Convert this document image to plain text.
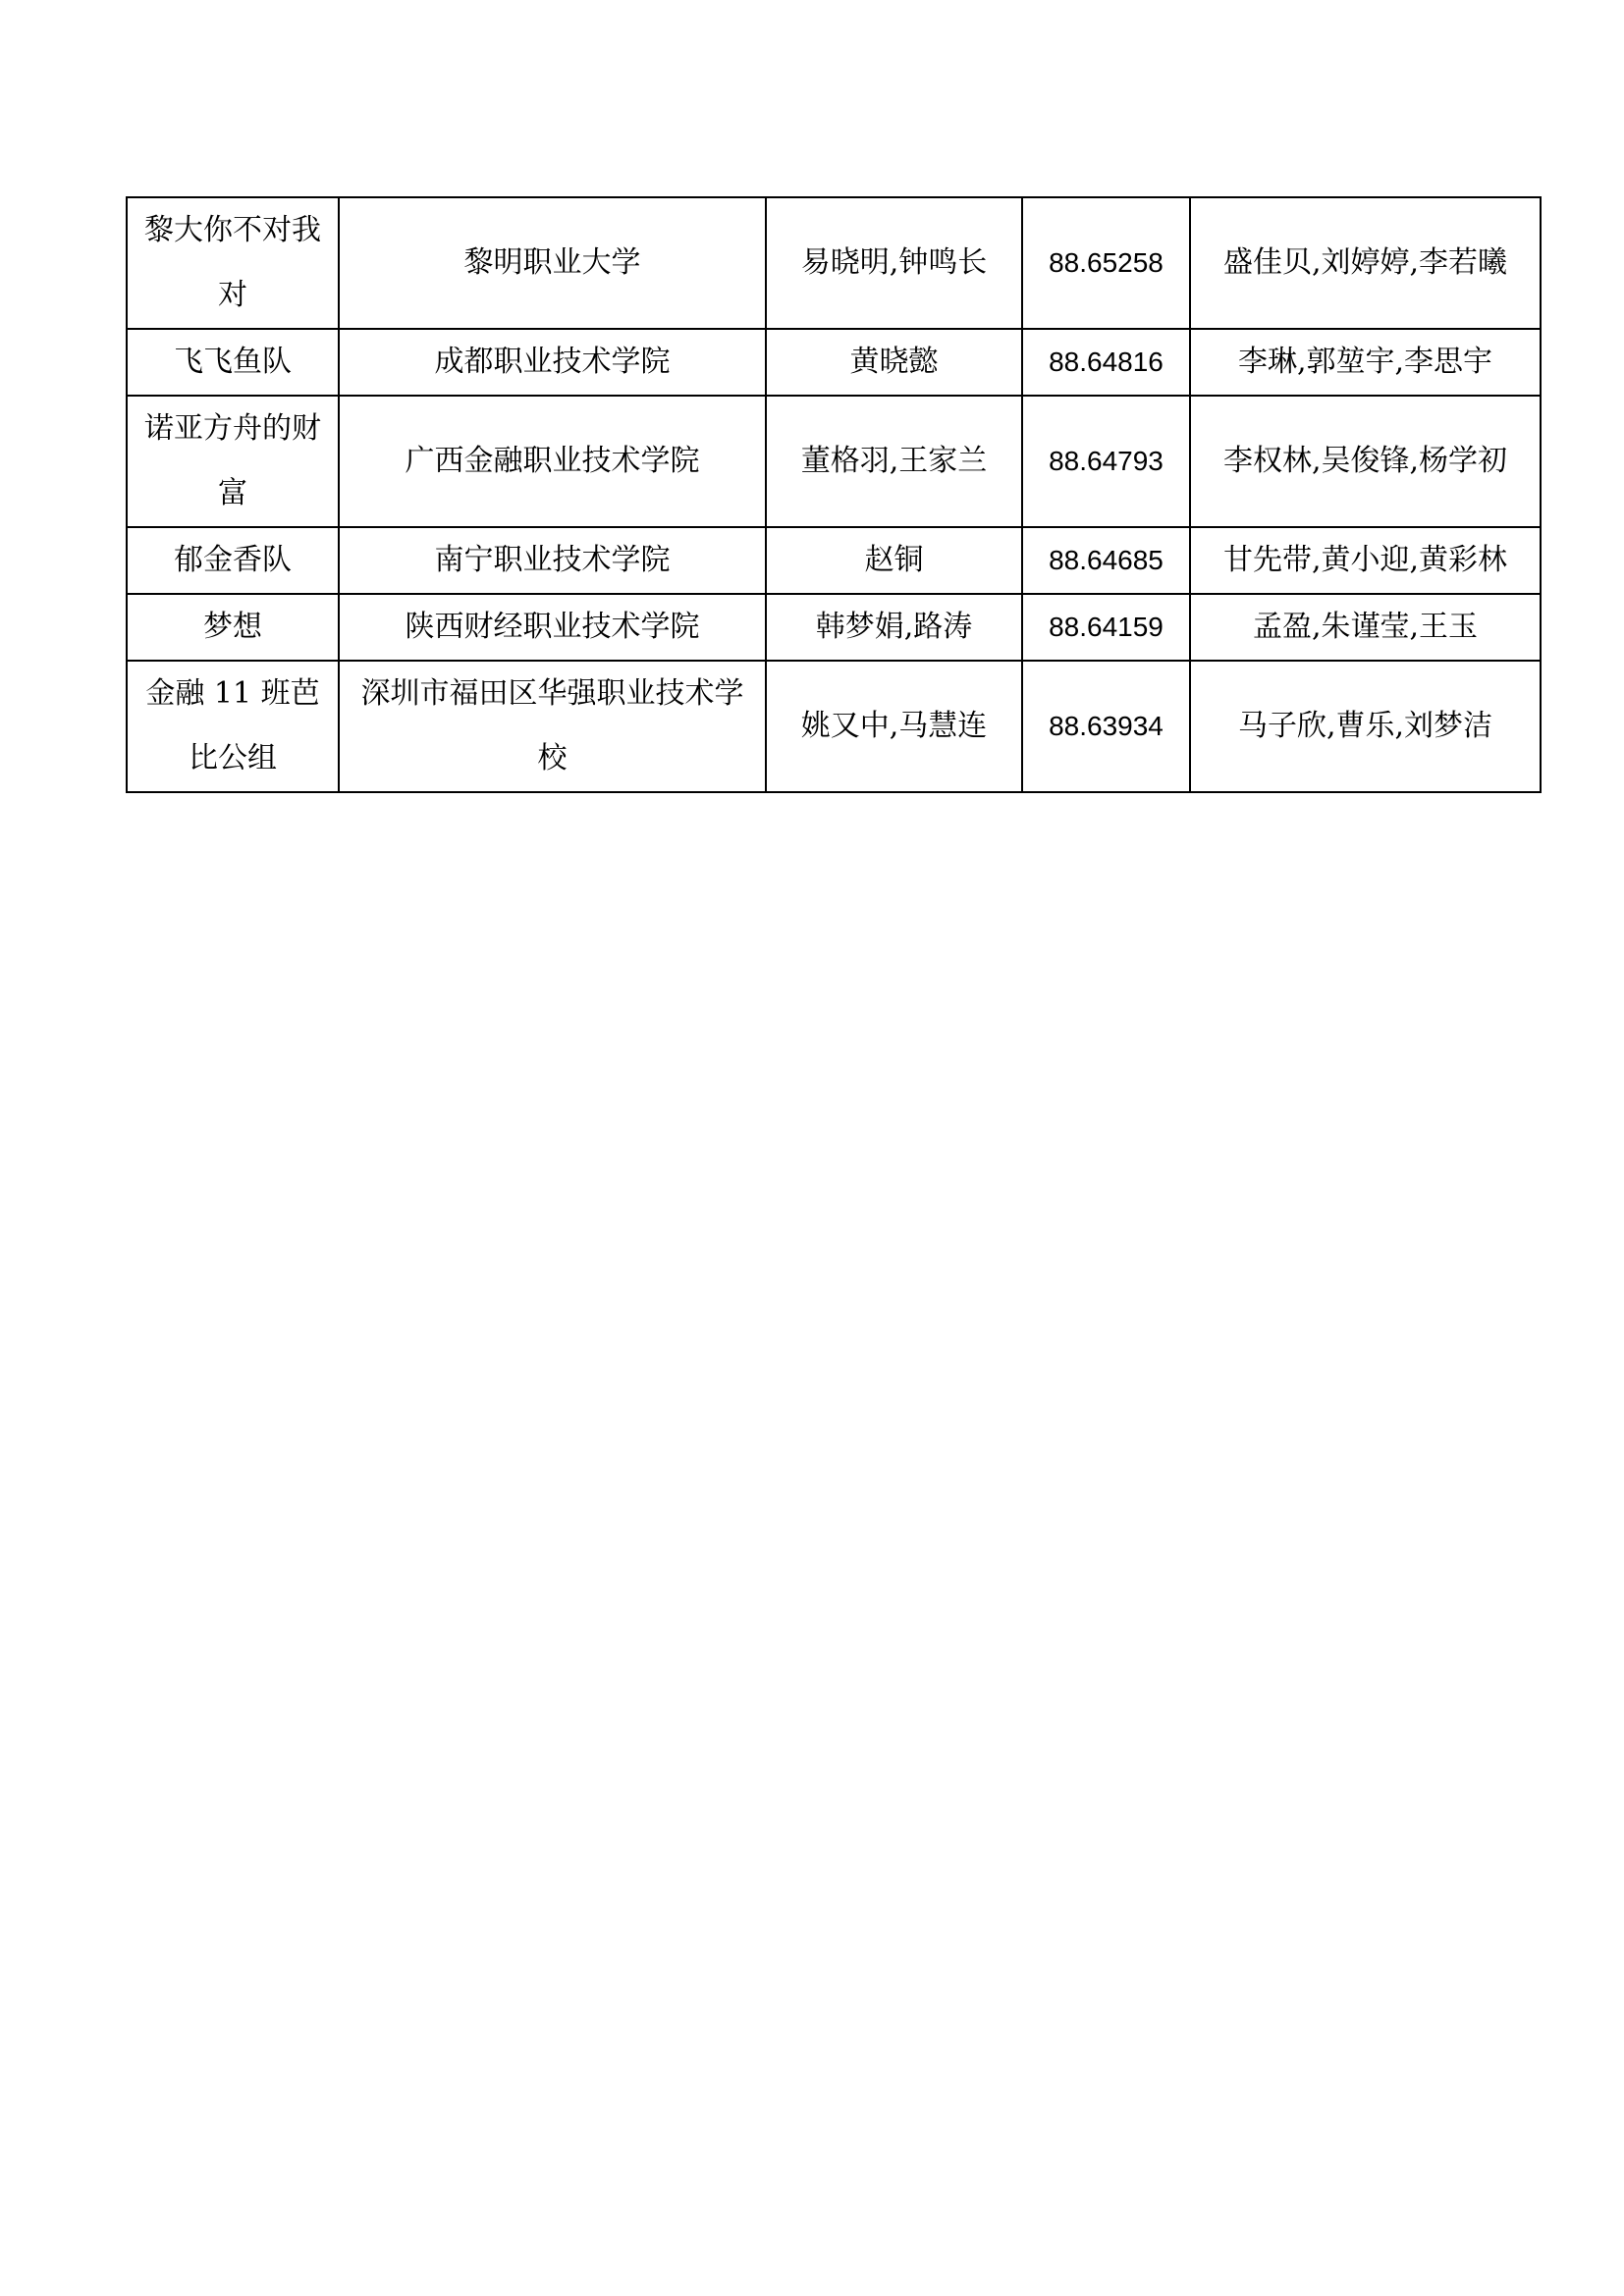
黎大你不对我对	黎明职业大学	易晓明,钟鸣长	88.65258	盛佳贝,刘婷婷,李若曦
飞飞鱼队	成都职业技术学院	黄晓懿	88.64816	李琳,郭堃宇,李思宇
诺亚方舟的财富	广西金融职业技术学院	董格羽,王家兰	88.64793	李权林,吴俊锋,杨学初
郁金香队	南宁职业技术学院	赵铜	88.64685	甘先带,黄小迎,黄彩林
梦想	陕西财经职业技术学院	韩梦娟,路涛	88.64159	孟盈,朱谨莹,王玉
金融 11 班芭比公组	深圳市福田区华强职业技术学校	姚又中,马慧连	88.63934	马子欣,曹乐,刘梦洁
